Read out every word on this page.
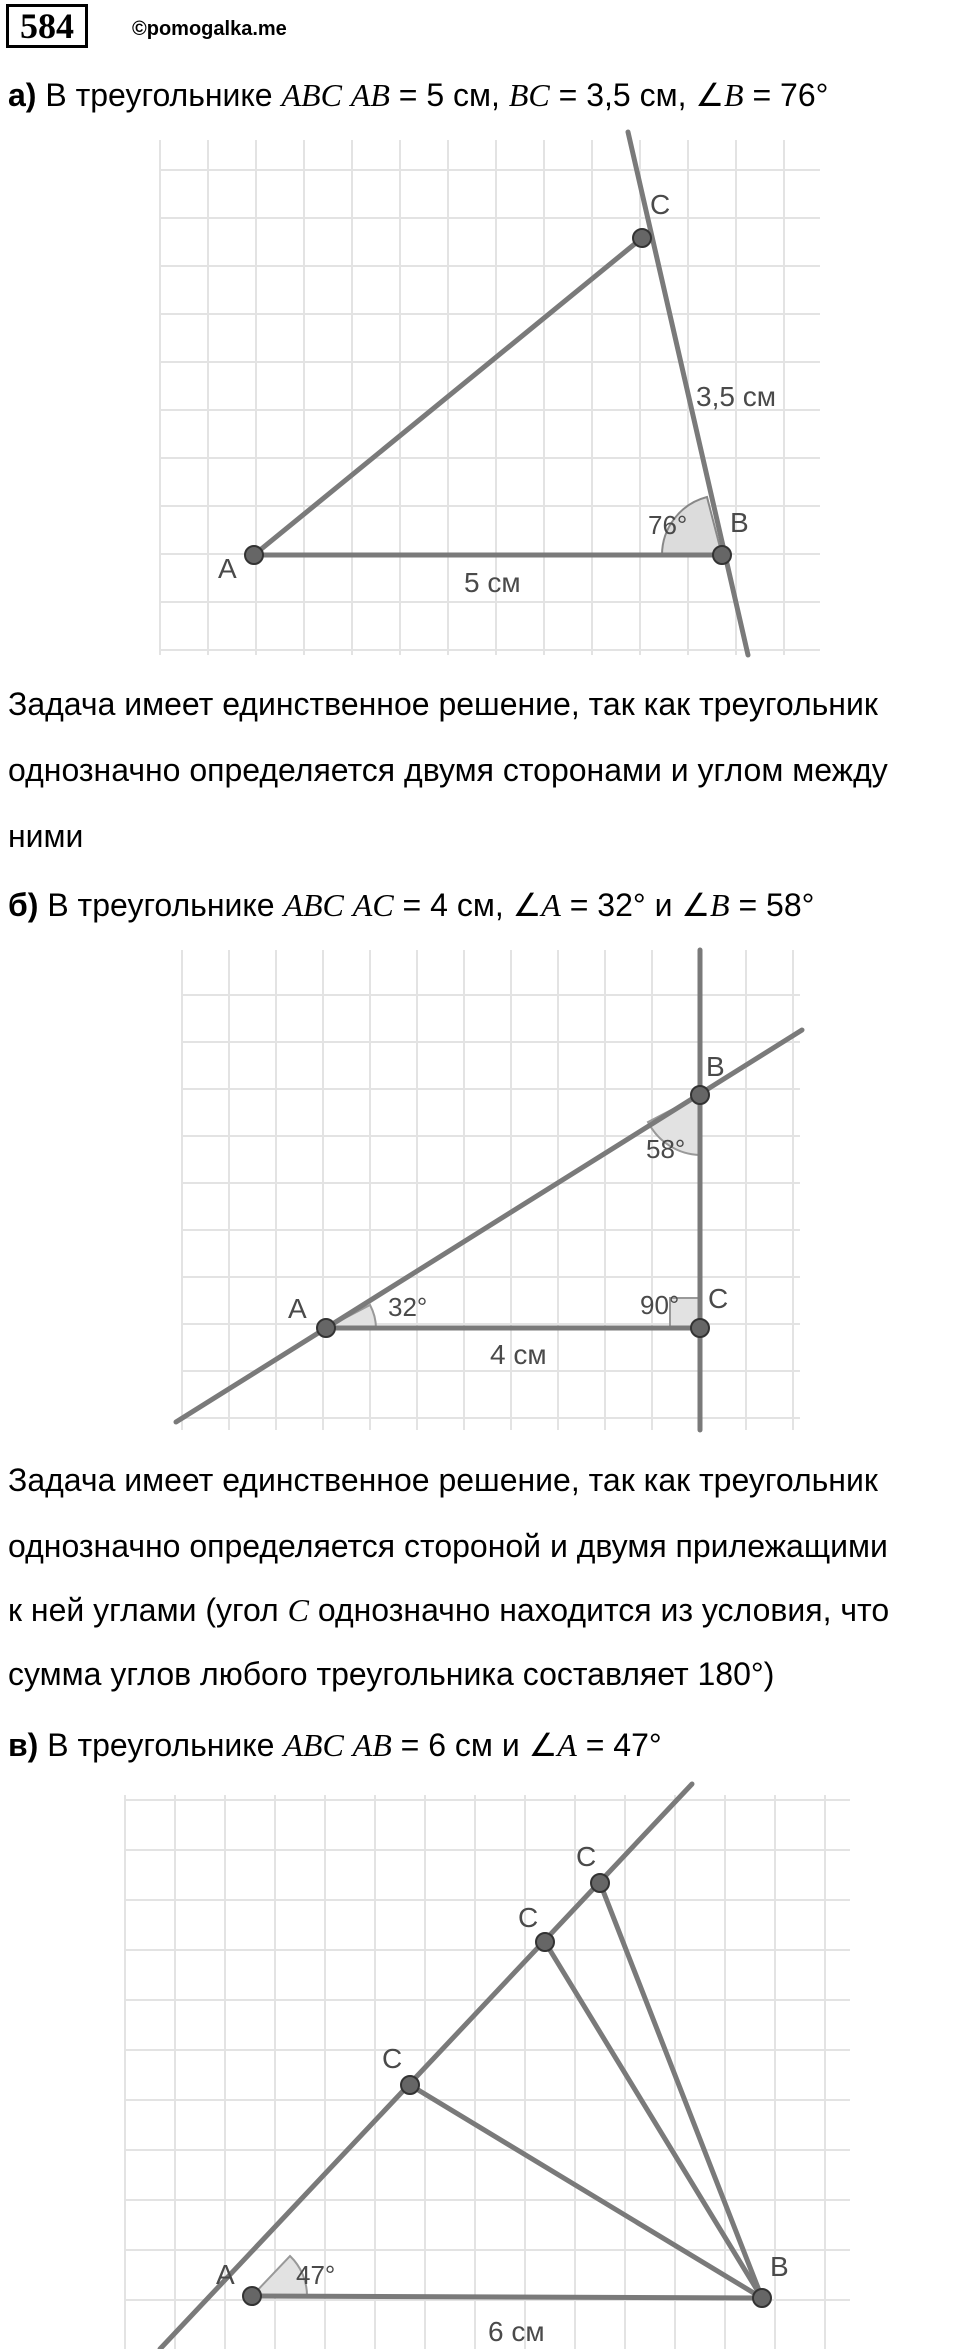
584	©pomogalka.me
а) В треугольнике ABC AB = 5 см, BC = 3,5 см, ∠B = 76°
A
B
C
5 см
3,5 см
76°
Задача имеет единственное решение, так как треугольник
однозначно определяется двумя сторонами и углом между
ними
б) В треугольнике ABC AC = 4 см, ∠A = 32° и ∠B = 58°
A
B
C
4 см
32°
58°
90°
Задача имеет единственное решение, так как треугольник
однозначно определяется стороной и двумя прилежащими
к ней углами (угол C однозначно находится из условия, что
сумма углов любого треугольника составляет 180°)
в) В треугольнике ABC AB = 6 см и ∠A = 47°
A	B
C
C
C
6 см
47°
